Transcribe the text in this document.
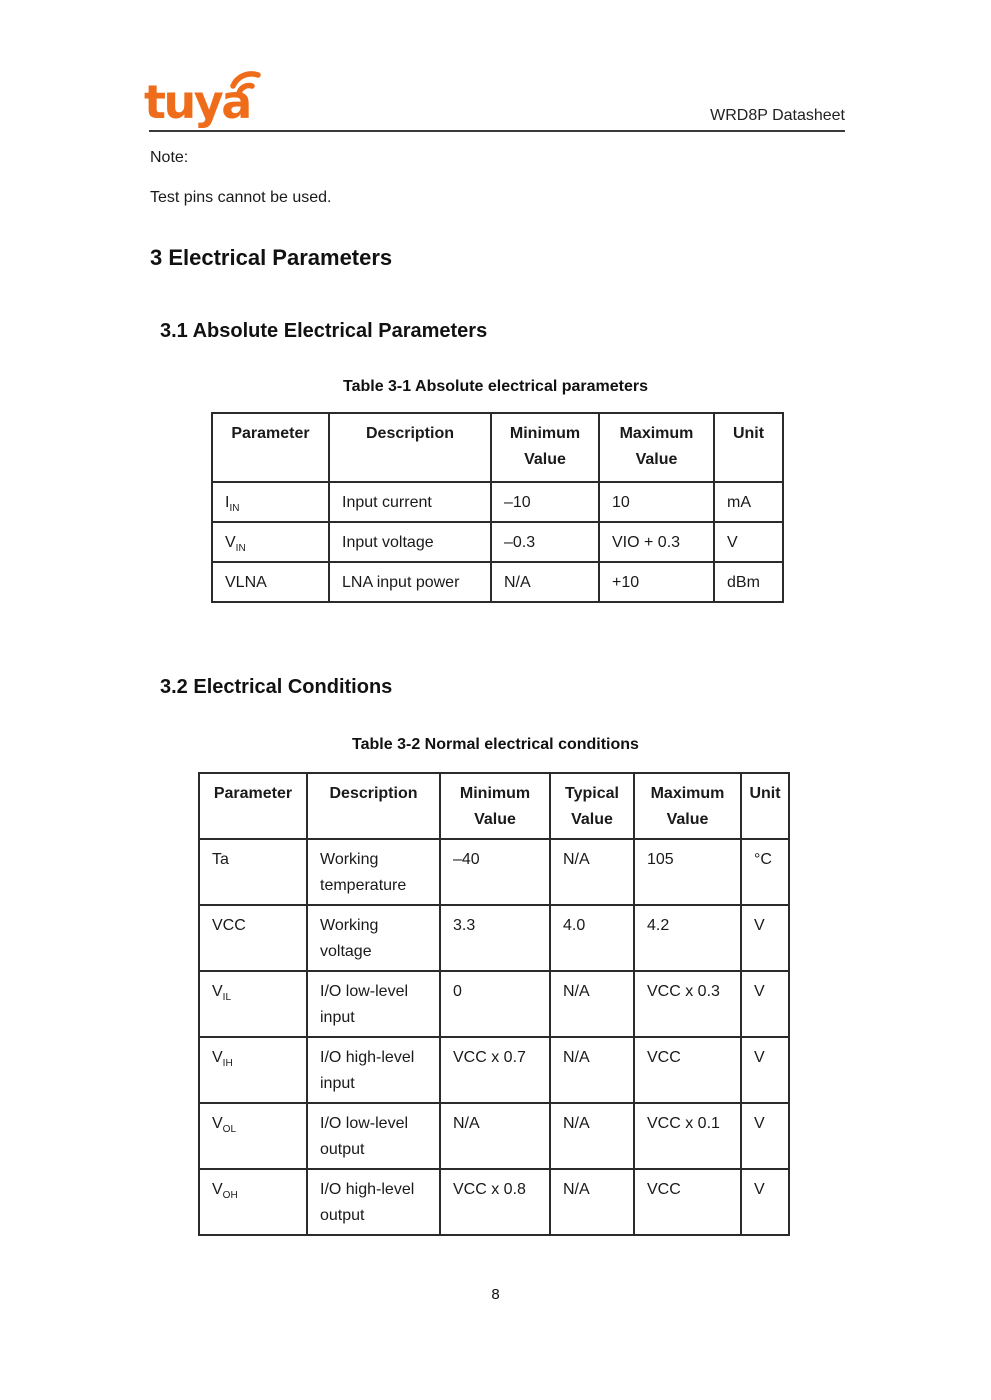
tuya	WRD8P Datasheet
Note:
Test pins cannot be used.
3 Electrical Parameters
3.1 Absolute Electrical Parameters
Table 3-1 Absolute electrical parameters
Parameter	Description	Minimum Value	Maximum Value	Unit
$I_{IN}$	Input current	–10	10	mA
$V_{IN}$	Input voltage	–0.3	VIO + 0.3	V
VLNA	LNA input power	N/A	+10	dBm
3.2 Electrical Conditions
Table 3-2 Normal electrical conditions
Parameter	Description	Minimum Value	Typical Value	Maximum Value	Unit
Ta	Working temperature	–40	N/A	105	°C
VCC	Working voltage	3.3	4.0	4.2	V
$V_{IL}$	I/O low-level input	0	N/A	VCC x 0.3	V
$V_{IH}$	I/O high-level input	VCC x 0.7	N/A	VCC	V
$V_{OL}$	I/O low-level output	N/A	N/A	VCC x 0.1	V
$V_{OH}$	I/O high-level output	VCC x 0.8	N/A	VCC	V
8
